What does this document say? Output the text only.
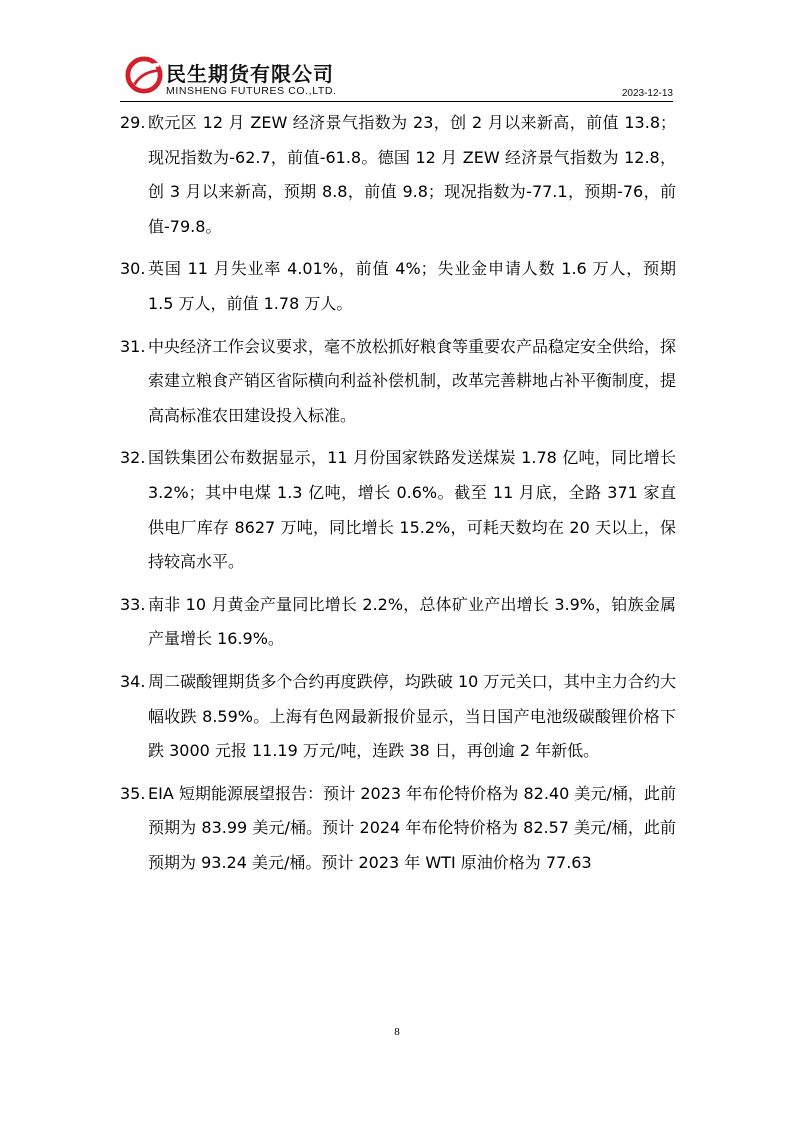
民生期货有限公司
MINSHENG FUTURES CO.,LTD.	2023-12-13

29. 欧元区 12 月 ZEW 经济景气指数为 23，创 2 月以来新高，前值 13.8；现况指数为-62.7，前值-61.8。德国 12 月 ZEW 经济景气指数为 12.8，创 3 月以来新高，预期 8.8，前值 9.8；现况指数为-77.1，预期-76，前值-79.8。

30. 英国 11 月失业率 4.01%，前值 4%；失业金申请人数 1.6 万人，预期 1.5 万人，前值 1.78 万人。

31. 中央经济工作会议要求，毫不放松抓好粮食等重要农产品稳定安全供给，探索建立粮食产销区省际横向利益补偿机制，改革完善耕地占补平衡制度，提高高标准农田建设投入标准。

32. 国铁集团公布数据显示，11 月份国家铁路发送煤炭 1.78 亿吨，同比增长 3.2%；其中电煤 1.3 亿吨，增长 0.6%。截至 11 月底，全路 371 家直供电厂库存 8627 万吨，同比增长 15.2%，可耗天数均在 20 天以上，保持较高水平。

33. 南非 10 月黄金产量同比增长 2.2%，总体矿业产出增长 3.9%，铂族金属产量增长 16.9%。

34. 周二碳酸锂期货多个合约再度跌停，均跌破 10 万元关口，其中主力合约大幅收跌 8.59%。上海有色网最新报价显示，当日国产电池级碳酸锂价格下跌 3000 元报 11.19 万元/吨，连跌 38 日，再创逾 2 年新低。

35. EIA 短期能源展望报告：预计 2023 年布伦特价格为 82.40 美元/桶，此前预期为 83.99 美元/桶。预计 2024 年布伦特价格为 82.57 美元/桶，此前预期为 93.24 美元/桶。预计 2023 年 WTI 原油价格为 77.63

8
